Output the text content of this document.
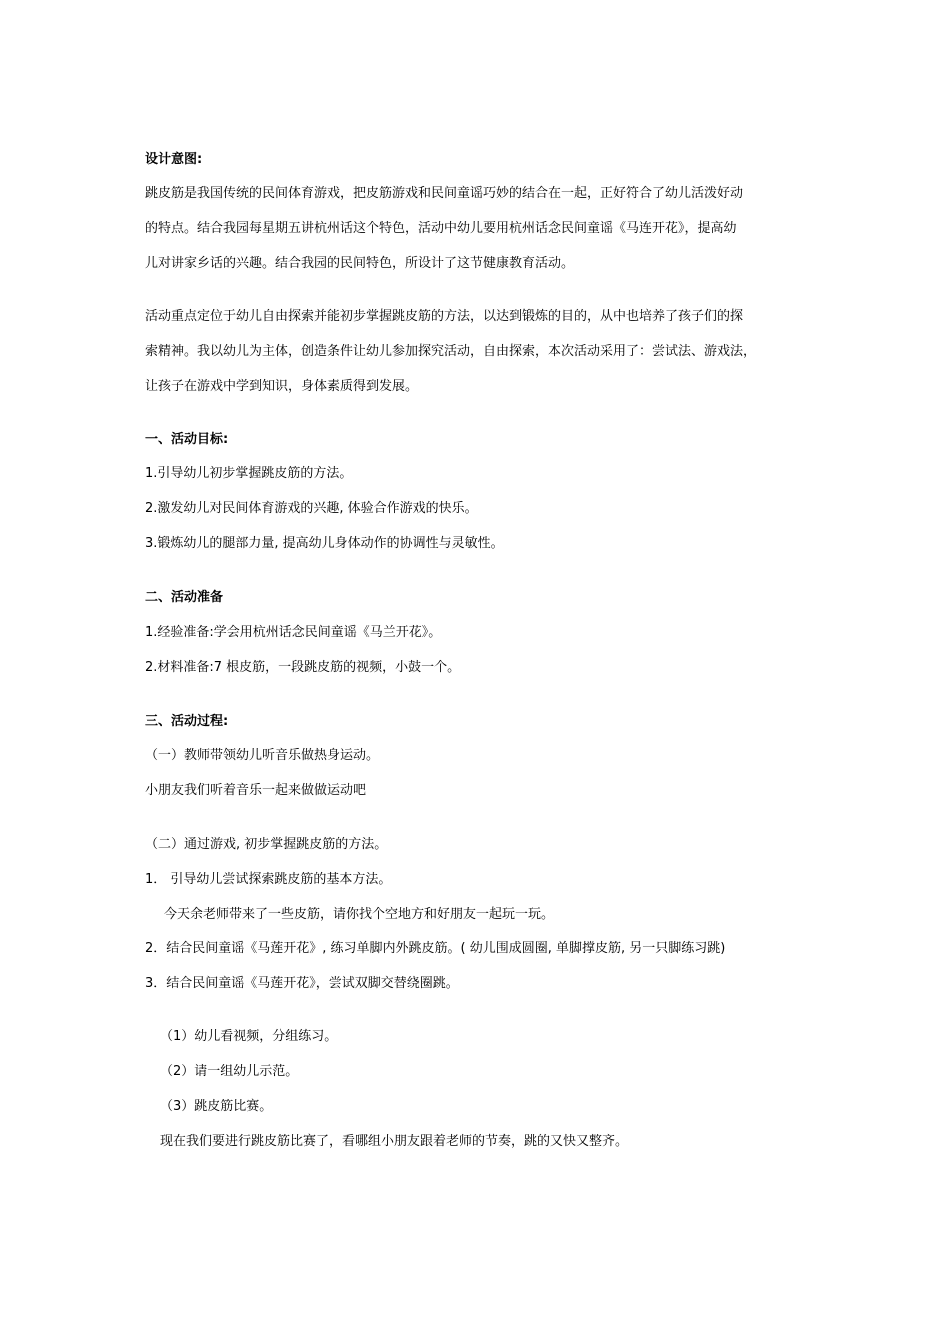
设计意图:
跳皮筋是我国传统的民间体育游戏，把皮筋游戏和民间童谣巧妙的结合在一起，正好符合了幼儿活泼好动
的特点。结合我园每星期五讲杭州话这个特色，活动中幼儿要用杭州话念民间童谣《马连开花》，提高幼
儿对讲家乡话的兴趣。结合我园的民间特色，所设计了这节健康教育活动。
活动重点定位于幼儿自由探索并能初步掌握跳皮筋的方法，以达到锻炼的目的，从中也培养了孩子们的探
索精神。我以幼儿为主体，创造条件让幼儿参加探究活动，自由探索，本次活动采用了：尝试法、游戏法，
让孩子在游戏中学到知识，身体素质得到发展。
一、活动目标:
1.引导幼儿初步掌握跳皮筋的方法。
2.激发幼儿对民间体育游戏的兴趣, 体验合作游戏的快乐。
3.锻炼幼儿的腿部力量, 提高幼儿身体动作的协调性与灵敏性。
二、活动准备
1.经验准备:学会用杭州话念民间童谣《马兰开花》。
2.材料准备:7 根皮筋，一段跳皮筋的视频，小鼓一个。
三、活动过程:
（一）教师带领幼儿听音乐做热身运动。
小朋友我们听着音乐一起来做做运动吧
（二）通过游戏, 初步掌握跳皮筋的方法。
1． 引导幼儿尝试探索跳皮筋的基本方法。
今天余老师带来了一些皮筋，请你找个空地方和好朋友一起玩一玩。
2．结合民间童谣《马莲开花》, 练习单脚内外跳皮筋。( 幼儿围成圆圈, 单脚撑皮筋, 另一只脚练习跳)
3．结合民间童谣《马莲开花》，尝试双脚交替绕圈跳。
（1）幼儿看视频，分组练习。
（2）请一组幼儿示范。
（3）跳皮筋比赛。
现在我们要进行跳皮筋比赛了，看哪组小朋友跟着老师的节奏，跳的又快又整齐。
